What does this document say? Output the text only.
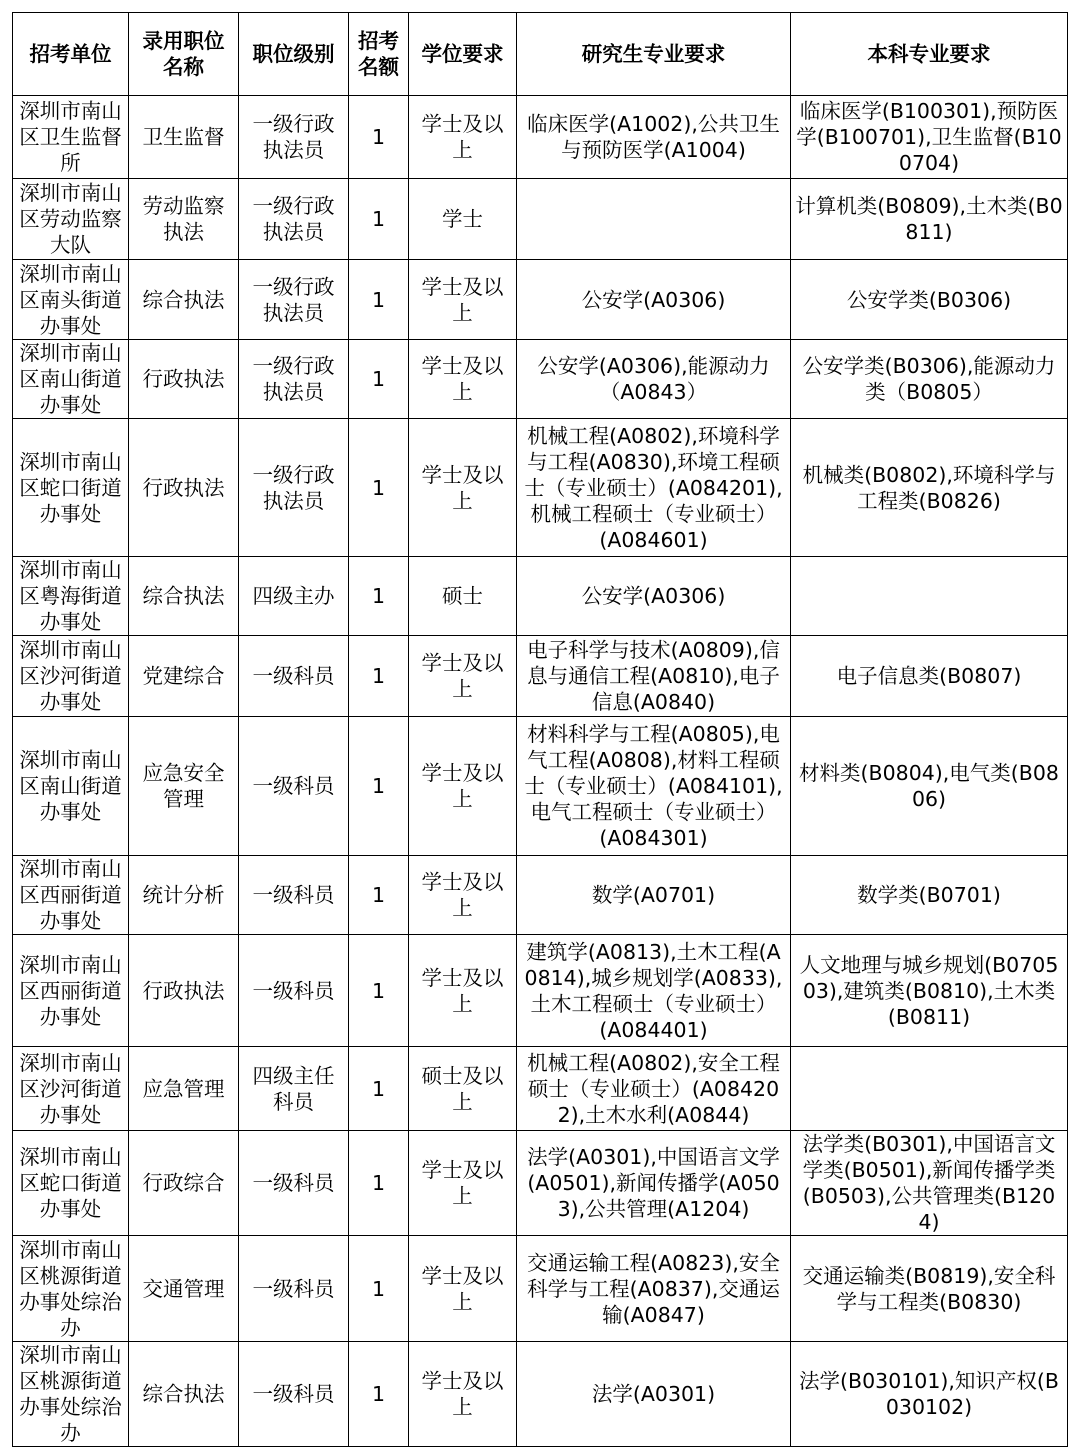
招考单位	录用职位名称	职位级别	招考名额	学位要求	研究生专业要求	本科专业要求
深圳市南山区卫生监督所	卫生监督	一级行政执法员	1	学士及以上	临床医学(A1002),公共卫生与预防医学(A1004)	临床医学(B100301),预防医学(B100701),卫生监督(B100704)
深圳市南山区劳动监察大队	劳动监察执法	一级行政执法员	1	学士		计算机类(B0809),土木类(B0811)
深圳市南山区南头街道办事处	综合执法	一级行政执法员	1	学士及以上	公安学(A0306)	公安学类(B0306)
深圳市南山区南山街道办事处	行政执法	一级行政执法员	1	学士及以上	公安学(A0306),能源动力（A0843）	公安学类(B0306),能源动力类（B0805）
深圳市南山区蛇口街道办事处	行政执法	一级行政执法员	1	学士及以上	机械工程(A0802),环境科学与工程(A0830),环境工程硕士（专业硕士）(A084201),机械工程硕士（专业硕士）(A084601)	机械类(B0802),环境科学与工程类(B0826)
深圳市南山区粤海街道办事处	综合执法	四级主办	1	硕士	公安学(A0306)	
深圳市南山区沙河街道办事处	党建综合	一级科员	1	学士及以上	电子科学与技术(A0809),信息与通信工程(A0810),电子信息(A0840)	电子信息类(B0807)
深圳市南山区南山街道办事处	应急安全管理	一级科员	1	学士及以上	材料科学与工程(A0805),电气工程(A0808),材料工程硕士（专业硕士）(A084101),电气工程硕士（专业硕士）(A084301)	材料类(B0804),电气类(B0806)
深圳市南山区西丽街道办事处	统计分析	一级科员	1	学士及以上	数学(A0701)	数学类(B0701)
深圳市南山区西丽街道办事处	行政执法	一级科员	1	学士及以上	建筑学(A0813),土木工程(A0814),城乡规划学(A0833),土木工程硕士（专业硕士）(A084401)	人文地理与城乡规划(B070503),建筑类(B0810),土木类(B0811)
深圳市南山区沙河街道办事处	应急管理	四级主任科员	1	硕士及以上	机械工程(A0802),安全工程硕士（专业硕士）(A084202),土木水利(A0844)	
深圳市南山区蛇口街道办事处	行政综合	一级科员	1	学士及以上	法学(A0301),中国语言文学(A0501),新闻传播学(A0503),公共管理(A1204)	法学类(B0301),中国语言文学类(B0501),新闻传播学类(B0503),公共管理类(B1204)
深圳市南山区桃源街道办事处综治办	交通管理	一级科员	1	学士及以上	交通运输工程(A0823),安全科学与工程(A0837),交通运输(A0847)	交通运输类(B0819),安全科学与工程类(B0830)
深圳市南山区桃源街道办事处综治办	综合执法	一级科员	1	学士及以上	法学(A0301)	法学(B030101),知识产权(B030102)
